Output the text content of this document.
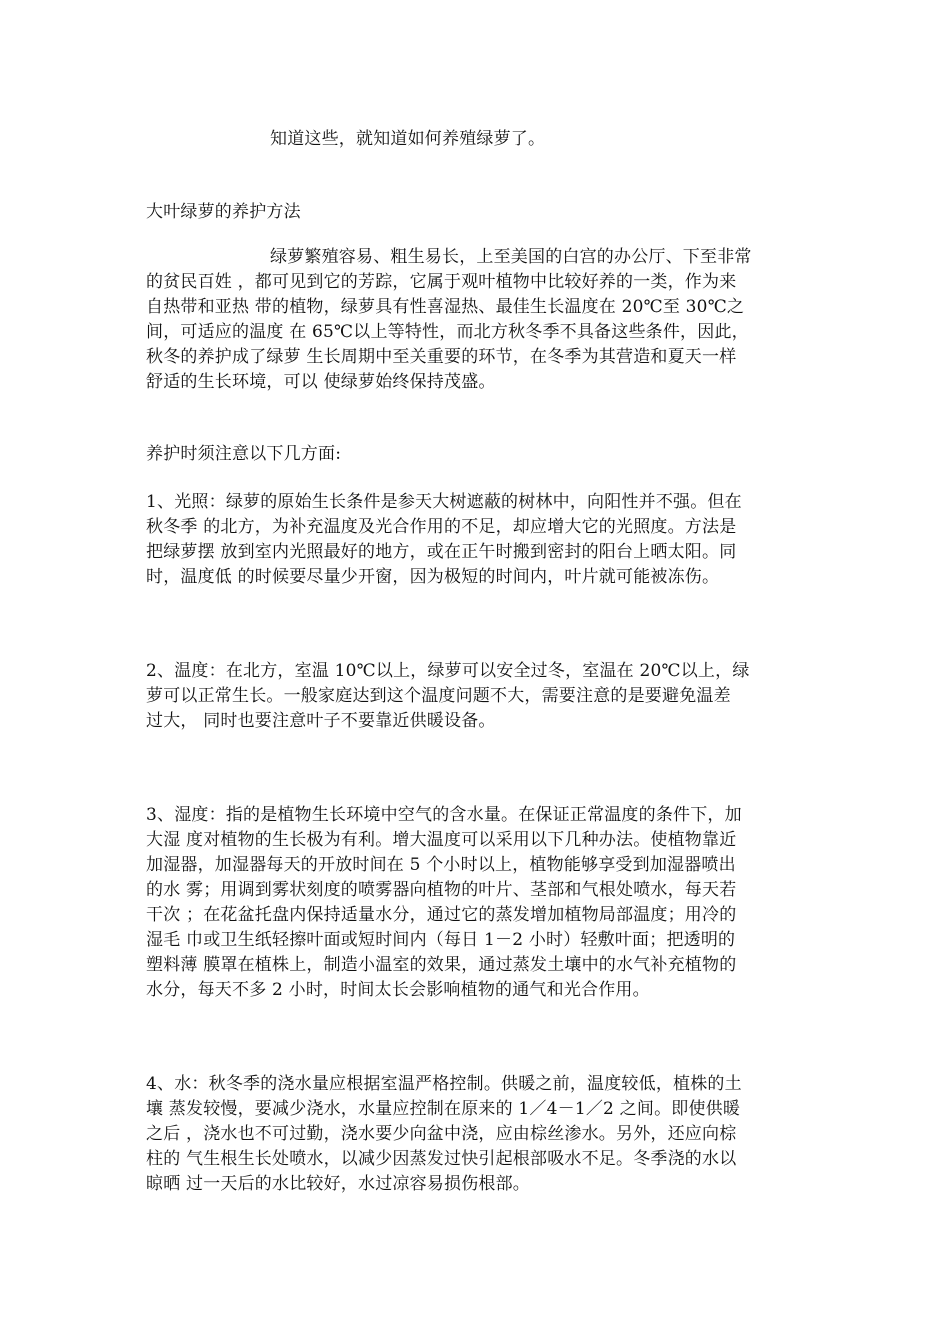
知道这些，就知道如何养殖绿萝了。
大叶绿萝的养护方法
绿萝繁殖容易、粗生易长，上至美国的白宫的办公厅、下至非常
的贫民百姓 ，都可见到它的芳踪，它属于观叶植物中比较好养的一类，作为来
自热带和亚热 带的植物，绿萝具有性喜湿热、最佳生长温度在 20℃至 30℃之
间，可适应的温度 在 65℃以上等特性，而北方秋冬季不具备这些条件，因此，
秋冬的养护成了绿萝 生长周期中至关重要的环节，在冬季为其营造和夏天一样
舒适的生长环境，可以 使绿萝始终保持茂盛。
养护时须注意以下几方面:
1、光照：绿萝的原始生长条件是参天大树遮蔽的树林中，向阳性并不强。但在
秋冬季 的北方，为补充温度及光合作用的不足，却应增大它的光照度。方法是
把绿萝摆 放到室内光照最好的地方，或在正午时搬到密封的阳台上晒太阳。同
时，温度低 的时候要尽量少开窗，因为极短的时间内，叶片就可能被冻伤。
2、温度：在北方，室温 10℃以上，绿萝可以安全过冬，室温在 20℃以上，绿
萝可以正常生长。一般家庭达到这个温度问题不大，需要注意的是要避免温差
过大， 同时也要注意叶子不要靠近供暖设备。
3、湿度：指的是植物生长环境中空气的含水量。在保证正常温度的条件下，加
大湿 度对植物的生长极为有利。增大温度可以采用以下几种办法。使植物靠近
加湿器，加湿器每天的开放时间在 5 个小时以上，植物能够享受到加湿器喷出
的水 雾；用调到雾状刻度的喷雾器向植物的叶片、茎部和气根处喷水，每天若
干次 ；在花盆托盘内保持适量水分，通过它的蒸发增加植物局部温度；用冷的
湿毛 巾或卫生纸轻擦叶面或短时间内（每日 1－2 小时）轻敷叶面；把透明的
塑料薄 膜罩在植株上，制造小温室的效果，通过蒸发土壤中的水气补充植物的
水分，每天不多 2 小时，时间太长会影响植物的通气和光合作用。
4、水：秋冬季的浇水量应根据室温严格控制。供暖之前，温度较低，植株的土
壤 蒸发较慢，要减少浇水，水量应控制在原来的 1／4－1／2 之间。即使供暖
之后 ，浇水也不可过勤，浇水要少向盆中浇，应由棕丝渗水。另外，还应向棕
柱的 气生根生长处喷水，以减少因蒸发过快引起根部吸水不足。冬季浇的水以
晾晒 过一天后的水比较好，水过凉容易损伤根部。
